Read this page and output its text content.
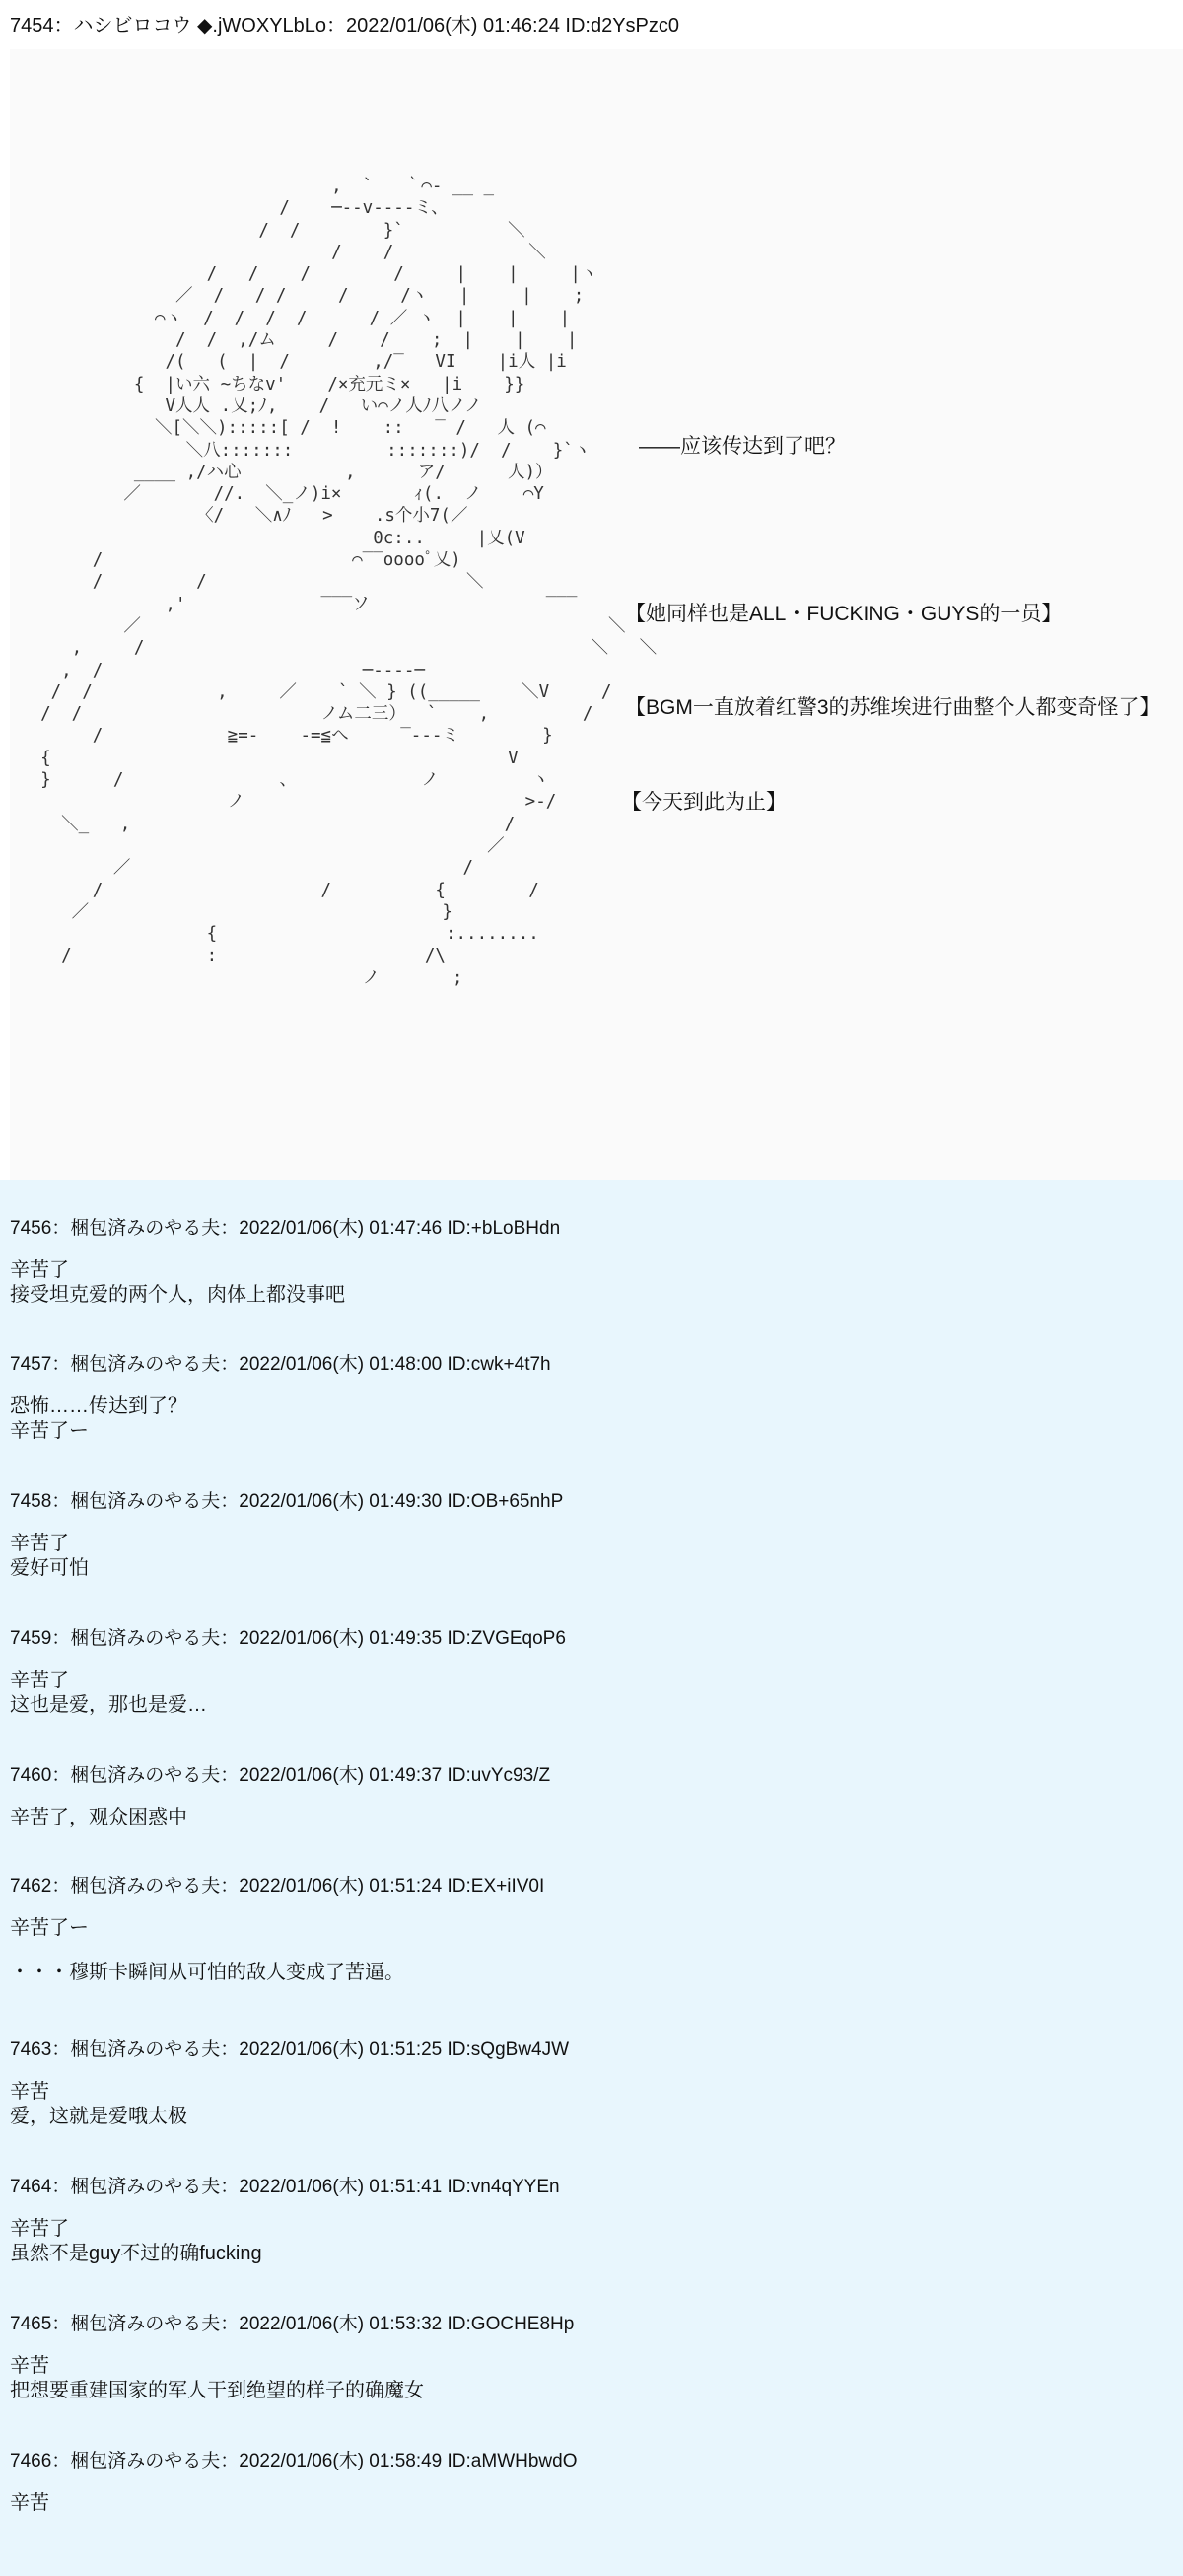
7454：ハシビロコウ ◆.jWOXYLbLo：2022/01/06(木) 01:46:24 ID:d2YsPzc0
,  `   ｀⌒‐ __ _
/    ─‐-v‐‐‐‐ミ、
/  /        }`          ＼
/    /             ＼
/   /    /        /     |    |     |ヽ
／  /   / /     /     /ヽ   |     |    ;
⌒ヽ  /  /  /  /      / ／ ヽ  |    |    |
/  /  ,/ム     /    /    ;  |    |    |
/(   (  |  /        ,/‾   VI    |i人 |i
{  |い六 ~ちなv'    /×充元ミ×   |i    }}
V人人 .乂;ﾉ,    /   い⌒ノ人ﾉ八ノノ
＼[＼＼):::::[ /  !    ::   ‾ /   人 (⌒
＼八:::::::         :::::::)/  /    }`ヽ
____ ,/ハ心          ,      ア/      人)）
／       //.  ＼_ノ)i×       ｨ(.  ノ    ⌒Y
〈/   ＼∧ﾉ   >    .s个小7(／
0c:..     |乂(V
/                        ⌒‾‾ooooﾟ乂)
/         /                         ＼
,'             ‾‾‾ソ                 ‾‾‾
／                                             ＼
,     /                                           ＼   ＼
,  /                         ─‐‐‐‐─
/  /            ,     ／    ` ＼ } ((_____    ＼V     /
/  /                       ノム二三）  `    ,         /
/            ≧=-    -=≦へ     ‾‐‐‐ミ        }
{                                            V
}      /               、            ノ         ヽ
ノ                           >-/
＼_   ,                                    /
／
／                                /
/                     /          {        /
／                                  }
{                      :........
/             :                    /\
ノ       ;
——应该传达到了吧？
【她同样也是ALL・FUCKING・GUYS的一员】
【BGM一直放着红警3的苏维埃进行曲整个人都变奇怪了】
【今天到此为止】
7456：梱包済みのやる夫：2022/01/06(木) 01:47:46 ID:+bLoBHdn
辛苦了
接受坦克爱的两个人，肉体上都没事吧
7457：梱包済みのやる夫：2022/01/06(木) 01:48:00 ID:cwk+4t7h
恐怖……传达到了？
辛苦了ー
7458：梱包済みのやる夫：2022/01/06(木) 01:49:30 ID:OB+65nhP
辛苦了
爱好可怕
7459：梱包済みのやる夫：2022/01/06(木) 01:49:35 ID:ZVGEqoP6
辛苦了
这也是爱，那也是爱…
7460：梱包済みのやる夫：2022/01/06(木) 01:49:37 ID:uvYc93/Z
辛苦了，观众困惑中
7462：梱包済みのやる夫：2022/01/06(木) 01:51:24 ID:EX+iIV0I
辛苦了ー
・・・穆斯卡瞬间从可怕的敌人变成了苦逼。
7463：梱包済みのやる夫：2022/01/06(木) 01:51:25 ID:sQgBw4JW
辛苦
爱，这就是爱哦太极
7464：梱包済みのやる夫：2022/01/06(木) 01:51:41 ID:vn4qYYEn
辛苦了
虽然不是guy不过的确fucking
7465：梱包済みのやる夫：2022/01/06(木) 01:53:32 ID:GOCHE8Hp
辛苦
把想要重建国家的军人干到绝望的样子的确魔女
7466：梱包済みのやる夫：2022/01/06(木) 01:58:49 ID:aMWHbwdO
辛苦
